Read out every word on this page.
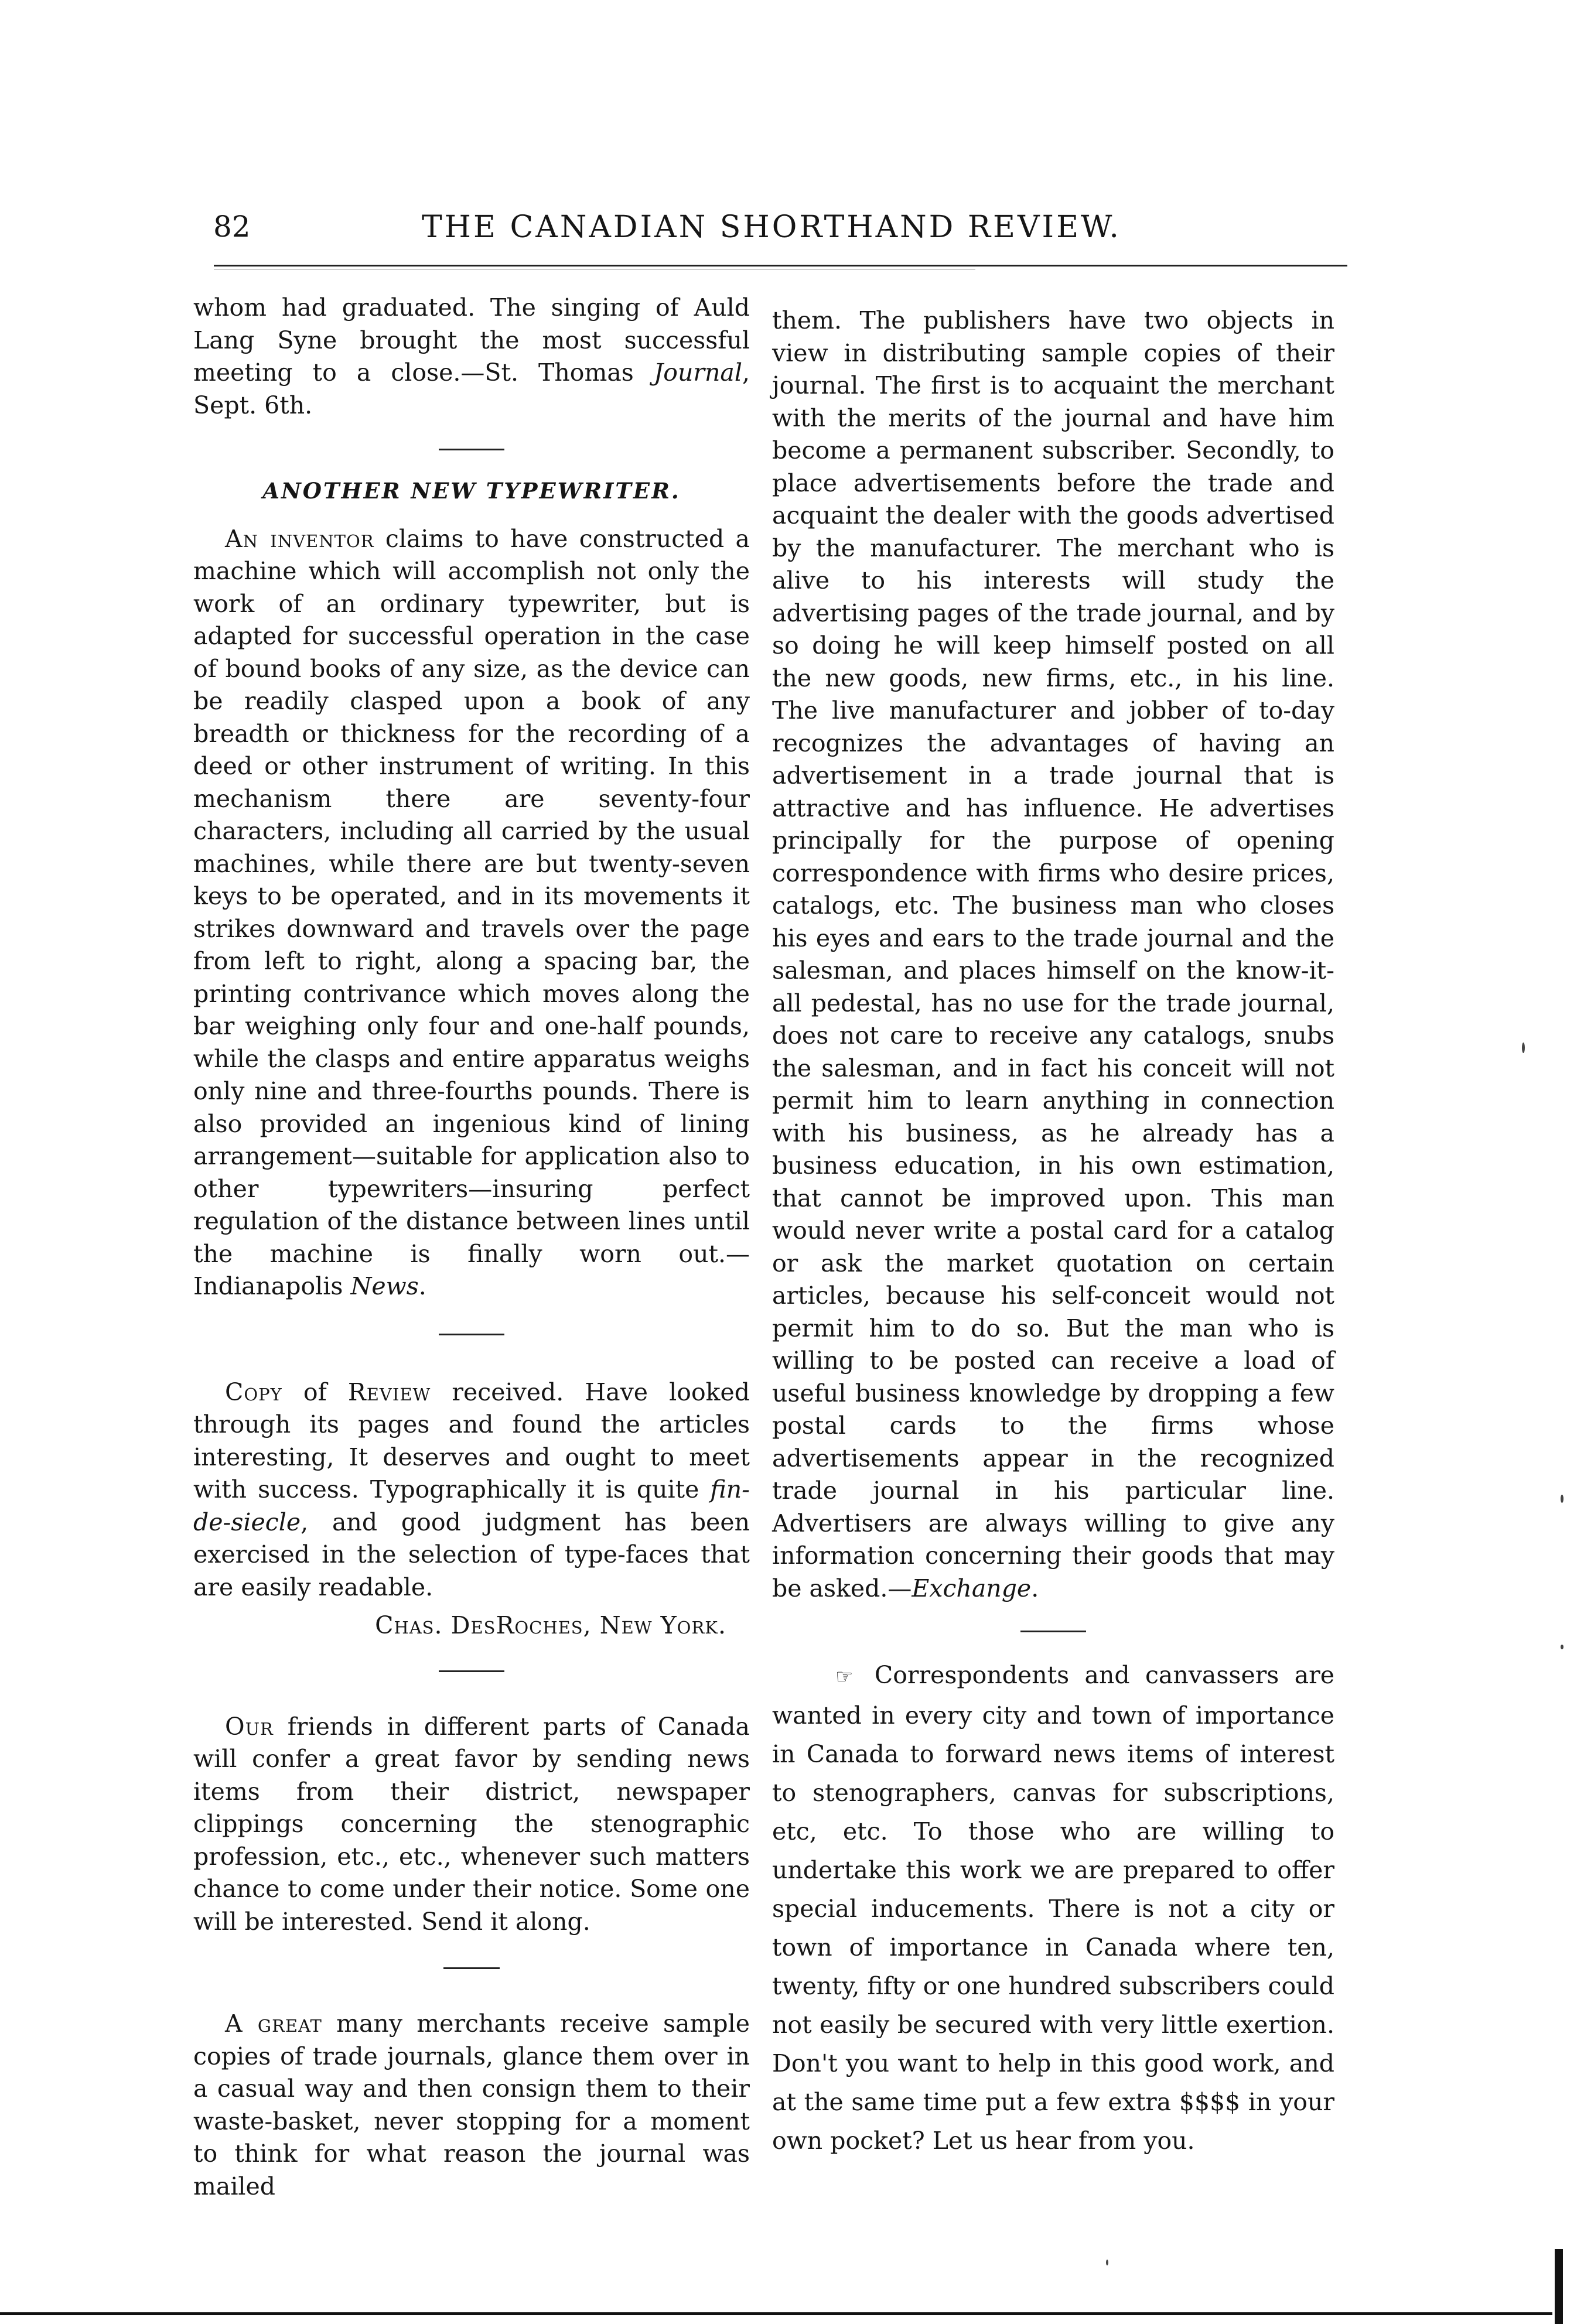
82	THE CANADIAN SHORTHAND REVIEW.

whom had graduated. The singing of Auld Lang Syne brought the most successful meeting to a close.—St. Thomas Journal, Sept. 6th.

ANOTHER NEW TYPEWRITER.

An inventor claims to have constructed a machine which will accomplish not only the work of an ordinary typewriter, but is adapted for successful operation in the case of bound books of any size, as the device can be readily clasped upon a book of any breadth or thickness for the recording of a deed or other instrument of writing. In this mechanism there are seventy-four characters, including all carried by the usual machines, while there are but twenty-seven keys to be operated, and in its movements it strikes downward and travels over the page from left to right, along a spacing bar, the printing contrivance which moves along the bar weighing only four and one-half pounds, while the clasps and entire apparatus weighs only nine and three-fourths pounds. There is also provided an ingenious kind of lining arrangement—suitable for application also to other typewriters—insuring perfect regulation of the distance between lines until the machine is finally worn out.—Indianapolis News.

Copy of Review received. Have looked through its pages and found the articles interesting, It deserves and ought to meet with success. Typographically it is quite fin-de-siecle, and good judgment has been exercised in the selection of type-faces that are easily readable.

Chas. DesRoches, New York.

Our friends in different parts of Canada will confer a great favor by sending news items from their district, newspaper clippings concerning the stenographic profession, etc., etc., whenever such matters chance to come under their notice. Some one will be interested. Send it along.

A great many merchants receive sample copies of trade journals, glance them over in a casual way and then consign them to their waste-basket, never stopping for a moment to think for what reason the journal was mailed

them. The publishers have two objects in view in distributing sample copies of their journal. The first is to acquaint the merchant with the merits of the journal and have him become a permanent subscriber. Secondly, to place advertisements before the trade and acquaint the dealer with the goods advertised by the manufacturer. The merchant who is alive to his interests will study the advertising pages of the trade journal, and by so doing he will keep himself posted on all the new goods, new firms, etc., in his line. The live manufacturer and jobber of to-day recognizes the advantages of having an advertisement in a trade journal that is attractive and has influence. He advertises principally for the purpose of opening correspondence with firms who desire prices, catalogs, etc. The business man who closes his eyes and ears to the trade journal and the salesman, and places himself on the know-it-all pedestal, has no use for the trade journal, does not care to receive any catalogs, snubs the salesman, and in fact his conceit will not permit him to learn anything in connection with his business, as he already has a business education, in his own estimation, that cannot be improved upon. This man would never write a postal card for a catalog or ask the market quotation on certain articles, because his self-conceit would not permit him to do so. But the man who is willing to be posted can receive a load of useful business knowledge by dropping a few postal cards to the firms whose advertisements appear in the recognized trade journal in his particular line. Advertisers are always willing to give any information concerning their goods that may be asked.—Exchange.

☞ Correspondents and canvassers are wanted in every city and town of importance in Canada to forward news items of interest to stenographers, canvas for subscriptions, etc, etc. To those who are willing to undertake this work we are prepared to offer special inducements. There is not a city or town of importance in Canada where ten, twenty, fifty or one hundred subscribers could not easily be secured with very little exertion. Don't you want to help in this good work, and at the same time put a few extra $$$$ in your own pocket? Let us hear from you.
